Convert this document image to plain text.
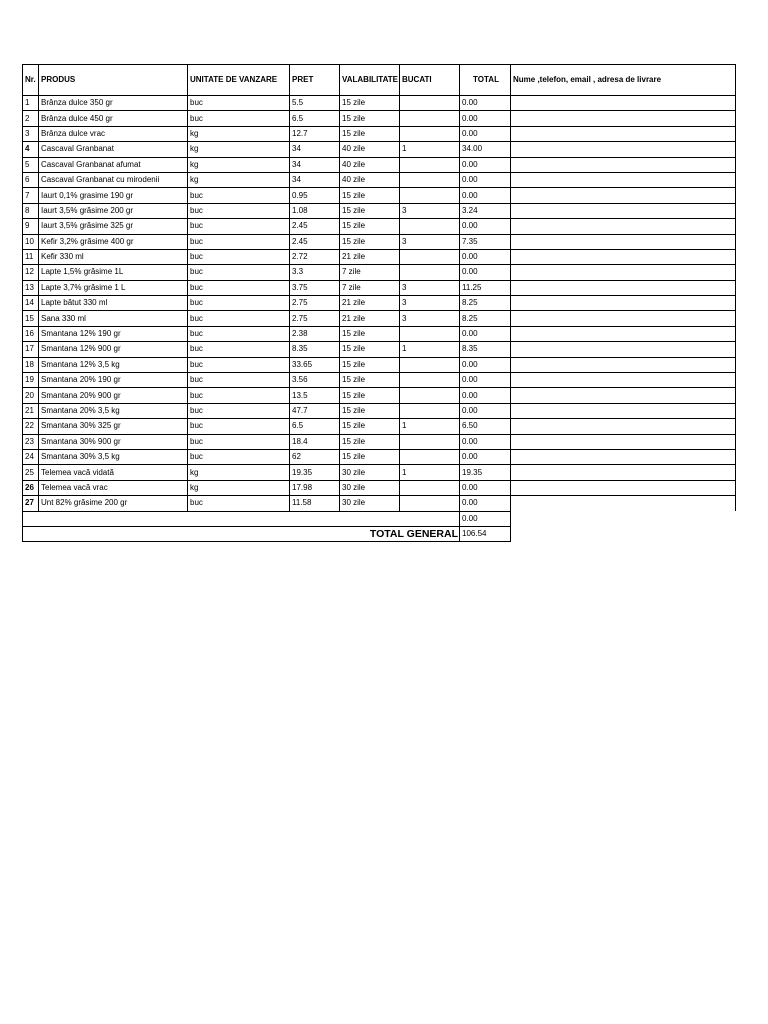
Nr.	PRODUS	UNITATE DE VANZARE	PRET	VALABILITATE	BUCATI	TOTAL	Nume ,telefon, email , adresa de livrare
1	Brânza dulce 350 gr	buc	5.5	15 zile		0.00	
2	Brânza dulce 450 gr	buc	6.5	15 zile		0.00	
3	Brânza dulce vrac	kg	12.7	15 zile		0.00	
4	Cascaval Granbanat	kg	34	40 zile	1	34.00	
5	Cascaval Granbanat afumat	kg	34	40 zile		0.00	
6	Cascaval Granbanat cu mirodenii	kg	34	40 zile		0.00	
7	Iaurt 0,1% grasime 190 gr	buc	0.95	15 zile		0.00	
8	Iaurt 3,5% grăsime 200 gr	buc	1.08	15 zile	3	3.24	
9	Iaurt 3,5% grăsime 325 gr	buc	2.45	15 zile		0.00	
10	Kefir 3,2% grăsime 400 gr	buc	2.45	15 zile	3	7.35	
11	Kefir 330 ml	buc	2.72	21 zile		0.00	
12	Lapte 1,5% grăsime 1L	buc	3.3	7 zile		0.00	
13	Lapte 3,7% grăsime 1 L	buc	3.75	7 zile	3	11.25	
14	Lapte bătut 330 ml	buc	2.75	21 zile	3	8.25	
15	Sana 330 ml	buc	2.75	21 zile	3	8.25	
16	Smantana 12% 190 gr	buc	2.38	15 zile		0.00	
17	Smantana 12% 900 gr	buc	8.35	15 zile	1	8.35	
18	Smantana 12% 3,5 kg	buc	33.65	15 zile		0.00	
19	Smantana 20% 190 gr	buc	3.56	15 zile		0.00	
20	Smantana 20% 900 gr	buc	13.5	15 zile		0.00	
21	Smantana 20% 3,5 kg	buc	47.7	15 zile		0.00	
22	Smantana 30% 325 gr	buc	6.5	15 zile	1	6.50	
23	Smantana 30% 900 gr	buc	18.4	15 zile		0.00	
24	Smantana 30% 3,5 kg	buc	62	15 zile		0.00	
25	Telemea vacă vidată	kg	19.35	30 zile	1	19.35	
26	Telemea vacă vrac	kg	17.98	30 zile		0.00	
27	Unt 82% grăsime 200 gr	buc	11.58	30 zile		0.00	
						0.00	
TOTAL GENERAL						106.54	
